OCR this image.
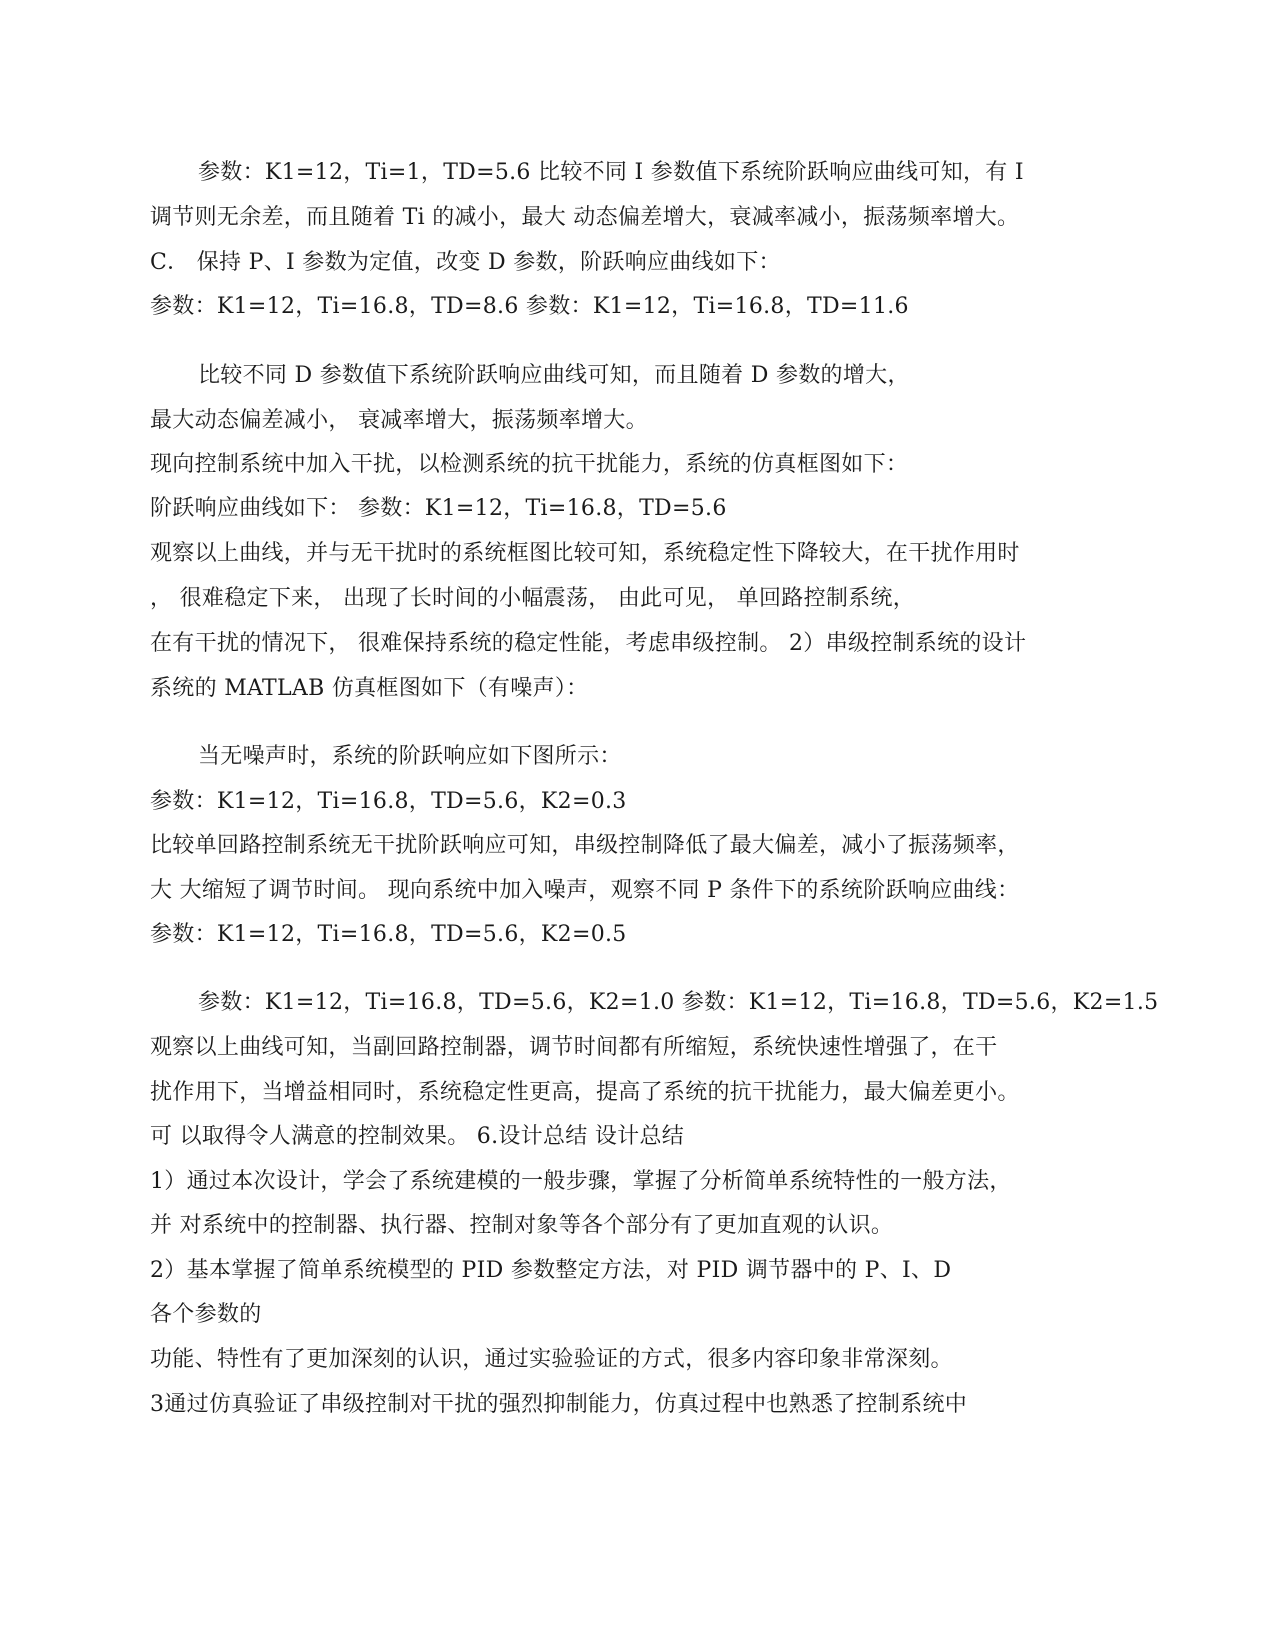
参数：K1=12，Ti=1，TD=5.6 比较不同 I 参数值下系统阶跃响应曲线可知，有 I

调节则无余差，而且随着 Ti 的减小，最大 动态偏差增大，衰减率减小，振荡频率增大。

C． 保持 P、I 参数为定值，改变 D 参数，阶跃响应曲线如下：

参数：K1=12，Ti=16.8，TD=8.6 参数：K1=12，Ti=16.8，TD=11.6

比较不同 D 参数值下系统阶跃响应曲线可知，而且随着 D 参数的增大，

最大动态偏差减小， 衰减率增大，振荡频率增大。

现向控制系统中加入干扰，以检测系统的抗干扰能力，系统的仿真框图如下：

阶跃响应曲线如下： 参数：K1=12，Ti=16.8，TD=5.6

观察以上曲线，并与无干扰时的系统框图比较可知，系统稳定性下降较大，在干扰作用时

， 很难稳定下来， 出现了长时间的小幅震荡， 由此可见， 单回路控制系统，

在有干扰的情况下， 很难保持系统的稳定性能，考虑串级控制。 2）串级控制系统的设计

系统的 MATLAB 仿真框图如下（有噪声）：

当无噪声时，系统的阶跃响应如下图所示：

参数：K1=12，Ti=16.8，TD=5.6，K2=0.3

比较单回路控制系统无干扰阶跃响应可知，串级控制降低了最大偏差，减小了振荡频率，

大 大缩短了调节时间。 现向系统中加入噪声，观察不同 P 条件下的系统阶跃响应曲线：

参数：K1=12，Ti=16.8，TD=5.6，K2=0.5

参数：K1=12，Ti=16.8，TD=5.6，K2=1.0 参数：K1=12，Ti=16.8，TD=5.6，K2=1.5

观察以上曲线可知，当副回路控制器，调节时间都有所缩短，系统快速性增强了，在干

扰作用下，当增益相同时，系统稳定性更高，提高了系统的抗干扰能力，最大偏差更小。

可 以取得令人满意的控制效果。 6.设计总结 设计总结

1）通过本次设计，学会了系统建模的一般步骤，掌握了分析简单系统特性的一般方法，

并 对系统中的控制器、执行器、控制对象等各个部分有了更加直观的认识。

2）基本掌握了简单系统模型的 PID 参数整定方法，对 PID 调节器中的 P、I、D

各个参数的

功能、特性有了更加深刻的认识，通过实验验证的方式，很多内容印象非常深刻。

3通过仿真验证了串级控制对干扰的强烈抑制能力，仿真过程中也熟悉了控制系统中
